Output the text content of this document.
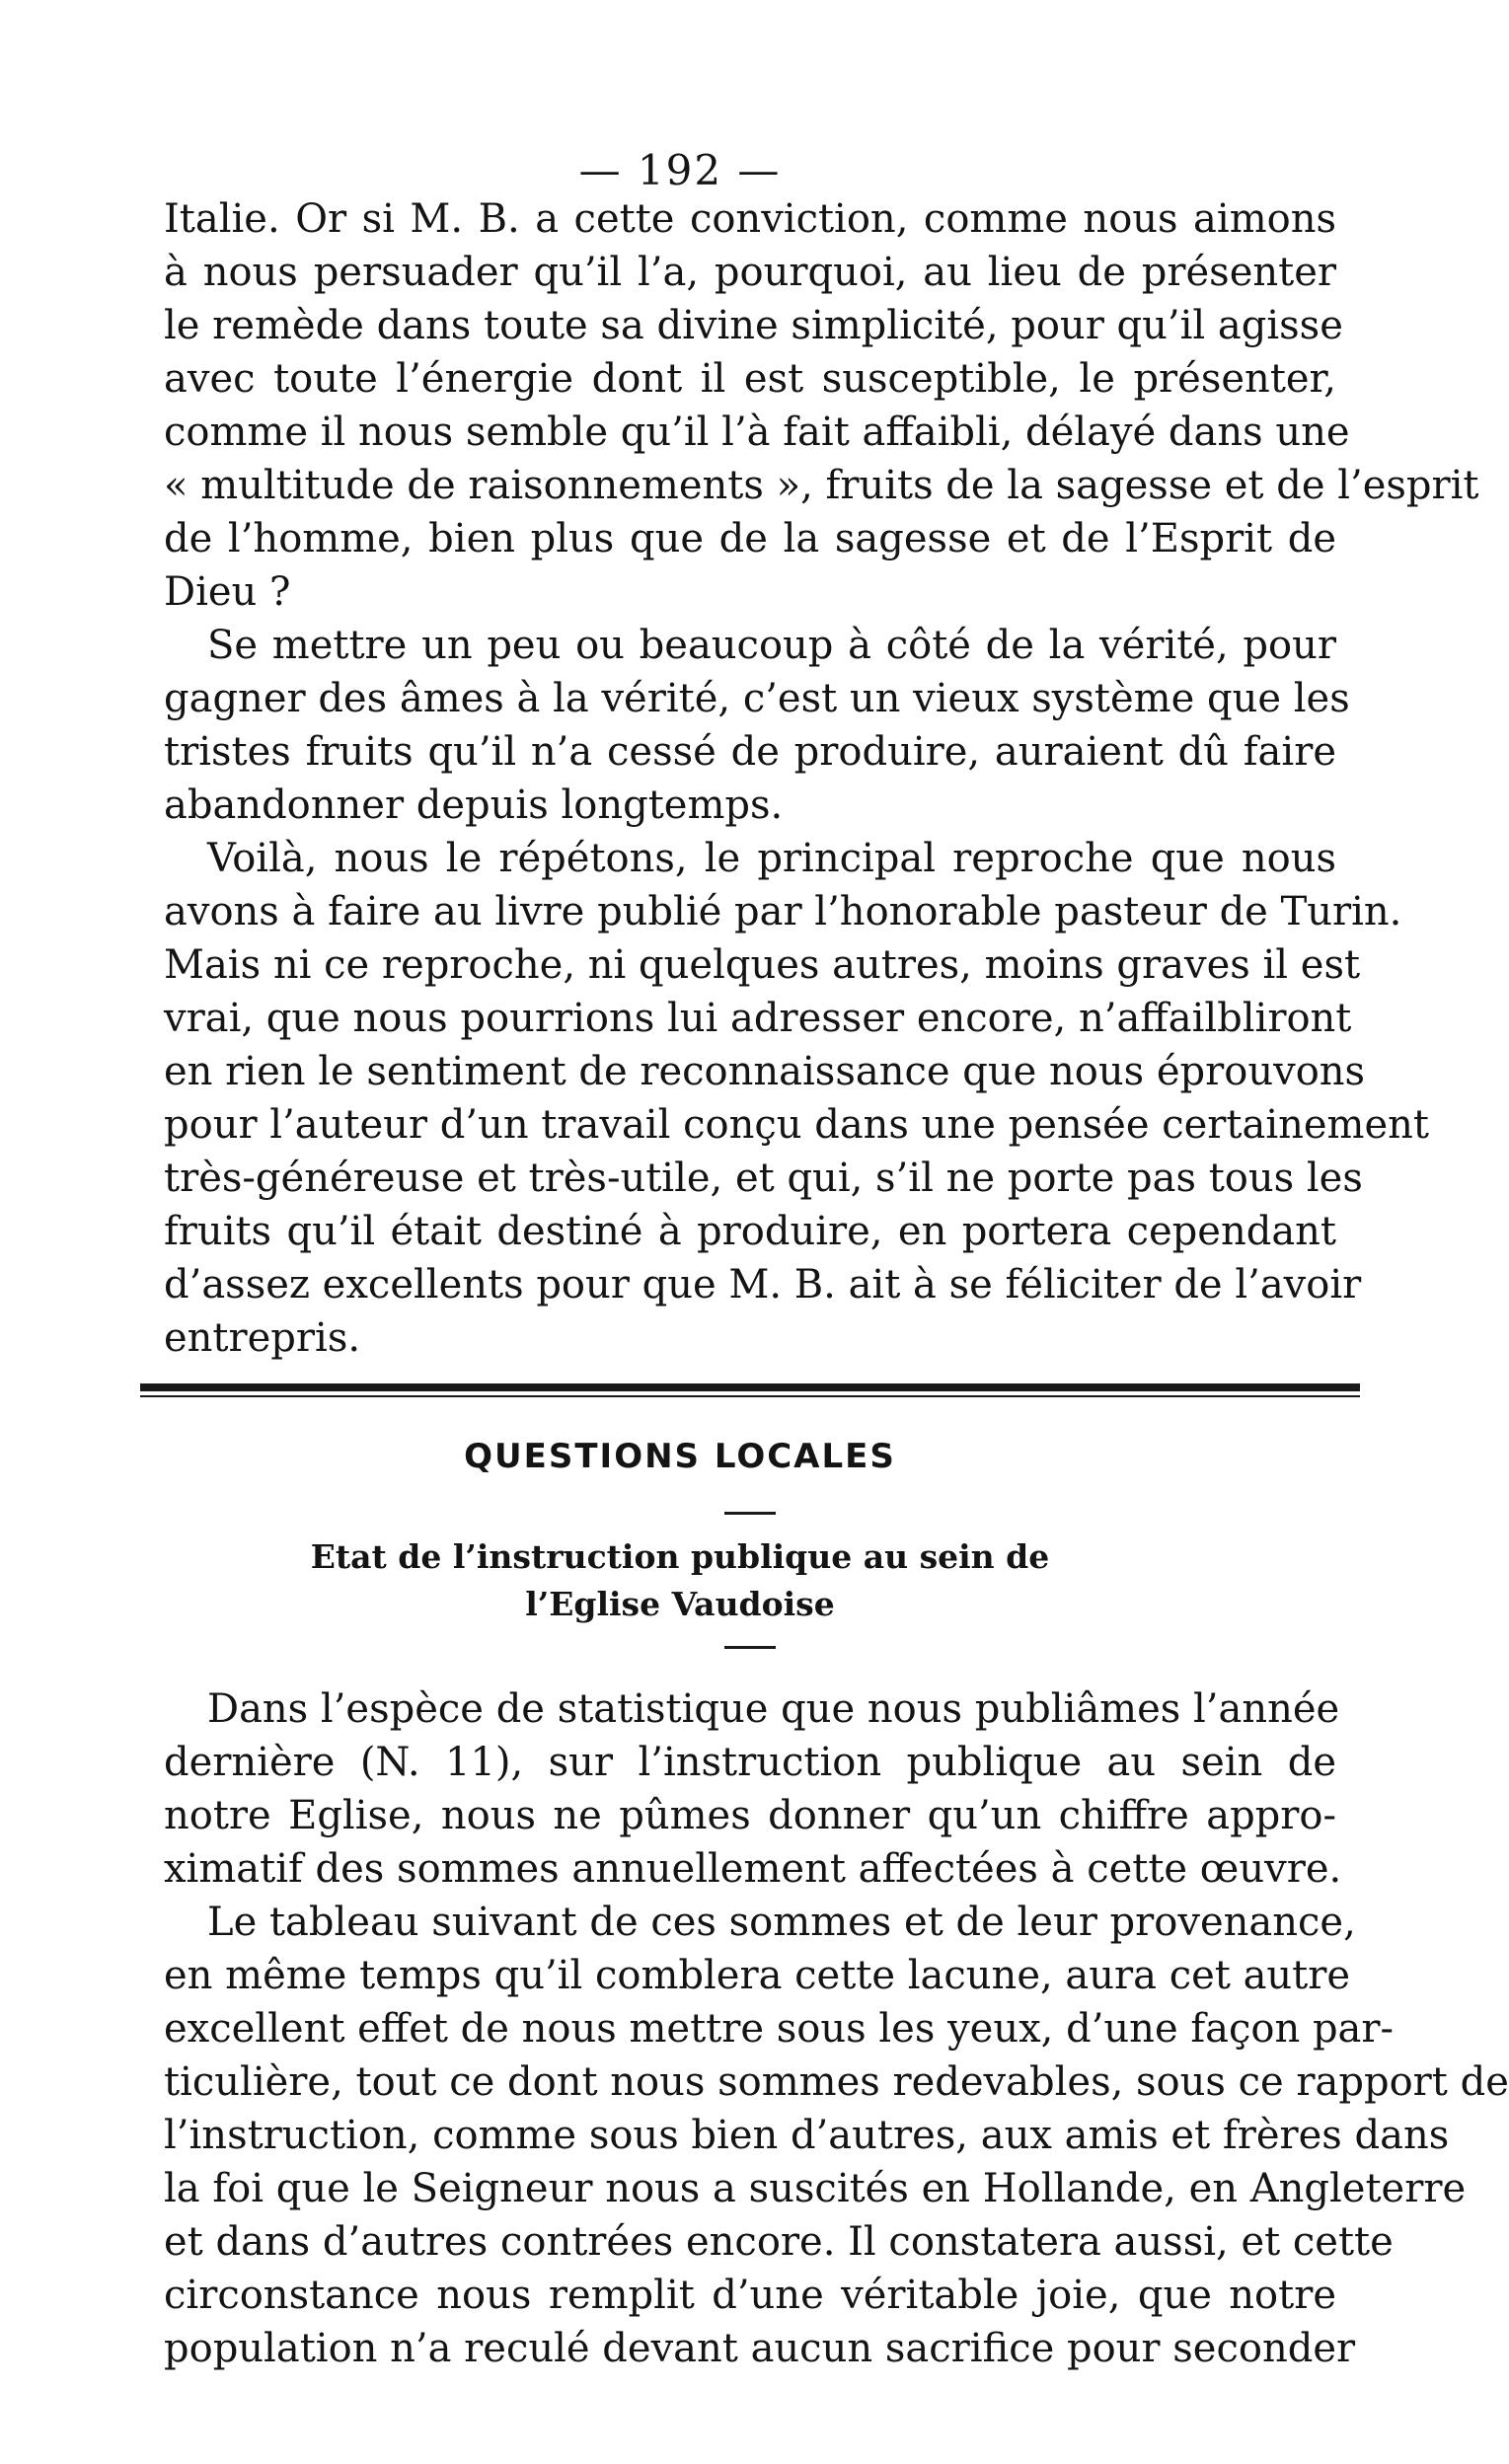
— 192 —
Italie. Or si M. B. a cette conviction, comme nous aimons
à nous persuader qu’il l’a, pourquoi, au lieu de présenter
le remède dans toute sa divine simplicité, pour qu’il agisse
avec toute l’énergie dont il est susceptible, le présenter,
comme il nous semble qu’il l’à fait affaibli, délayé dans une
« multitude de raisonnements », fruits de la sagesse et de l’esprit
de l’homme, bien plus que de la sagesse et de l’Esprit de
Dieu ?
Se mettre un peu ou beaucoup à côté de la vérité, pour
gagner des âmes à la vérité, c’est un vieux système que les
tristes fruits qu’il n’a cessé de produire, auraient dû faire
abandonner depuis longtemps.
Voilà, nous le répétons, le principal reproche que nous
avons à faire au livre publié par l’honorable pasteur de Turin.
Mais ni ce reproche, ni quelques autres, moins graves il est
vrai, que nous pourrions lui adresser encore, n’affailbliront
en rien le sentiment de reconnaissance que nous éprouvons
pour l’auteur d’un travail conçu dans une pensée certainement
très-généreuse et très-utile, et qui, s’il ne porte pas tous les
fruits qu’il était destiné à produire, en portera cependant
d’assez excellents pour que M. B. ait à se féliciter de l’avoir
entrepris.
QUESTIONS LOCALES
Etat de l’instruction publique au sein de
l’Eglise Vaudoise
Dans l’espèce de statistique que nous publiâmes l’année
dernière (N. 11), sur l’instruction publique au sein de
notre Eglise, nous ne pûmes donner qu’un chiffre appro-
ximatif des sommes annuellement affectées à cette œuvre.
Le tableau suivant de ces sommes et de leur provenance,
en même temps qu’il comblera cette lacune, aura cet autre
excellent effet de nous mettre sous les yeux, d’une façon par-
ticulière, tout ce dont nous sommes redevables, sous ce rapport de
l’instruction, comme sous bien d’autres, aux amis et frères dans
la foi que le Seigneur nous a suscités en Hollande, en Angleterre
et dans d’autres contrées encore. Il constatera aussi, et cette
circonstance nous remplit d’une véritable joie, que notre
population n’a reculé devant aucun sacrifice pour seconder
